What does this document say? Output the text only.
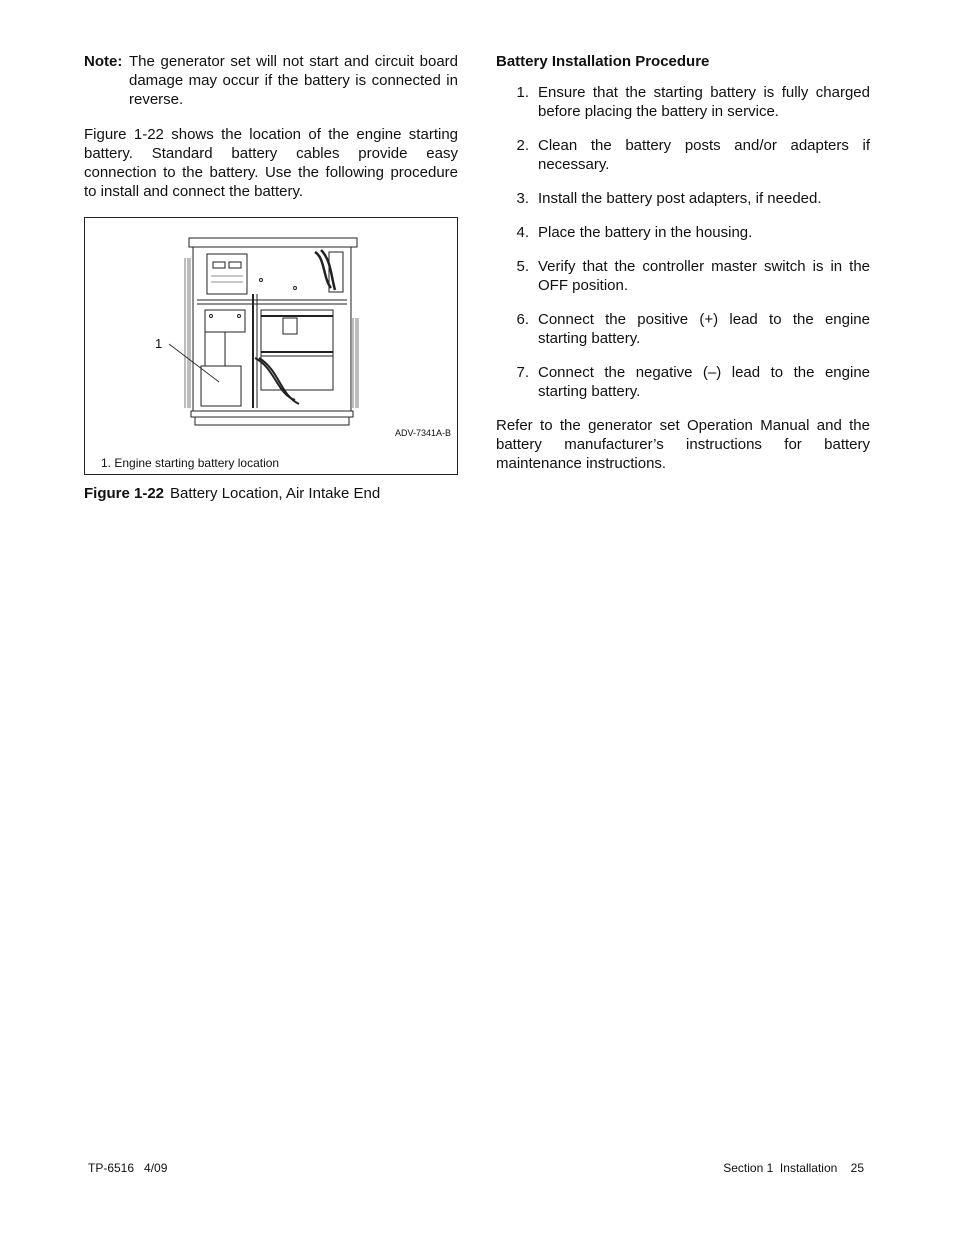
Note: The generator set will not start and circuit board damage may occur if the battery is connected in reverse.

Figure 1-22 shows the location of the engine starting battery. Standard battery cables provide easy connection to the battery. Use the following procedure to install and connect the battery.

1
ADV-7341A-B
1. Engine starting battery location
Figure 1-22 Battery Location, Air Intake End
Battery Installation Procedure
1. Ensure that the starting battery is fully charged before placing the battery in service.
2. Clean the battery posts and/or adapters if necessary.
3. Install the battery post adapters, if needed.
4. Place the battery in the housing.
5. Verify that the controller master switch is in the OFF position.
6. Connect the positive (+) lead to the engine starting battery.
7. Connect the negative (–) lead to the engine starting battery.

Refer to the generator set Operation Manual and the battery manufacturer’s instructions for battery maintenance instructions.

TP-6516   4/09	Section 1  Installation    25
